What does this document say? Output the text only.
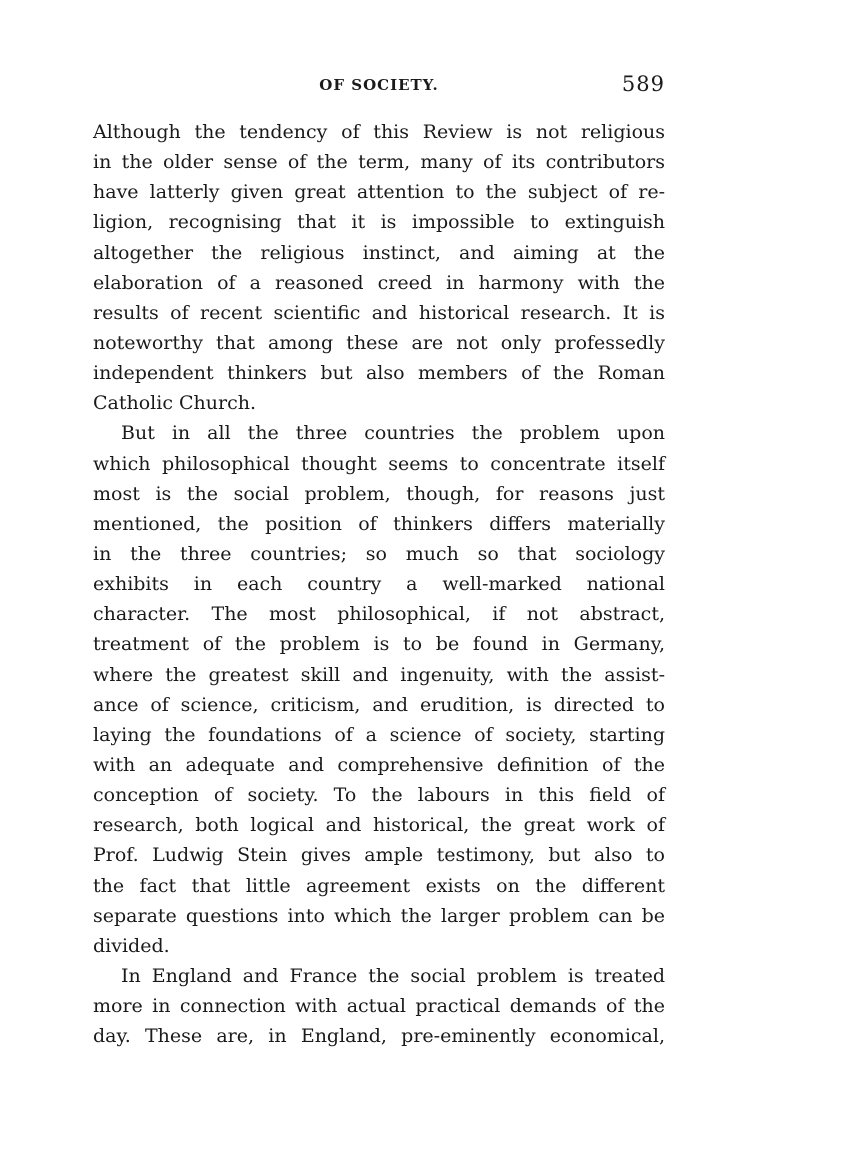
OF SOCIETY.	589
Although the tendency of this Review is not religious
in the older sense of the term, many of its contributors
have latterly given great attention to the subject of re-
ligion, recognising that it is impossible to extinguish
altogether the religious instinct, and aiming at the
elaboration of a reasoned creed in harmony with the
results of recent scientific and historical research. It is
noteworthy that among these are not only professedly
independent thinkers but also members of the Roman
Catholic Church.
But in all the three countries the problem upon
which philosophical thought seems to concentrate itself
most is the social problem, though, for reasons just
mentioned, the position of thinkers differs materially
in the three countries; so much so that sociology
exhibits in each country a well-marked national
character. The most philosophical, if not abstract,
treatment of the problem is to be found in Germany,
where the greatest skill and ingenuity, with the assist-
ance of science, criticism, and erudition, is directed to
laying the foundations of a science of society, starting
with an adequate and comprehensive definition of the
conception of society. To the labours in this field of
research, both logical and historical, the great work of
Prof. Ludwig Stein gives ample testimony, but also to
the fact that little agreement exists on the different
separate questions into which the larger problem can be
divided.
In England and France the social problem is treated
more in connection with actual practical demands of the
day. These are, in England, pre-eminently economical,
